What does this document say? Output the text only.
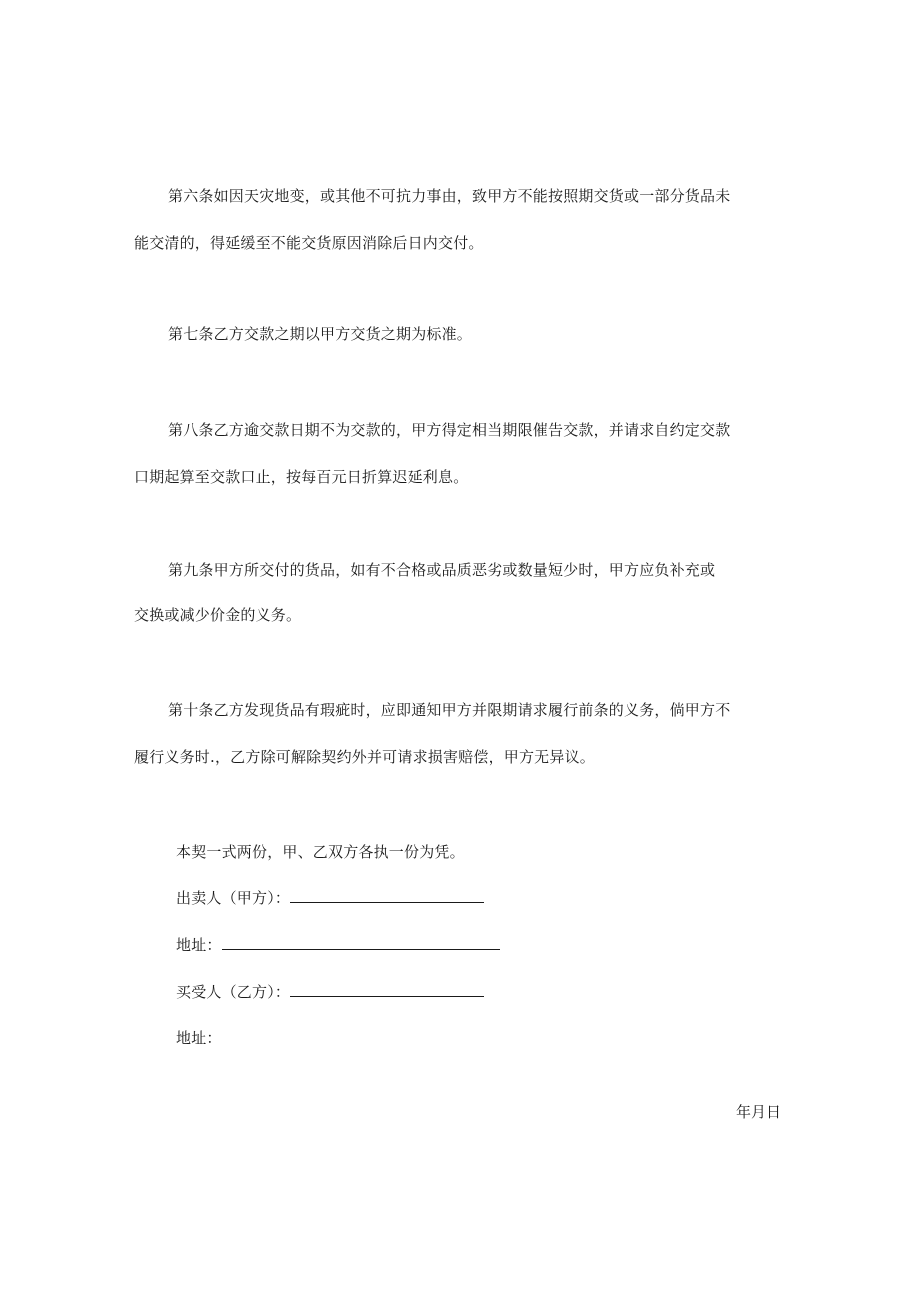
第六条如因天灾地变，或其他不可抗力事由，致甲方不能按照期交货或一部分货品未
能交清的，得延缓至不能交货原因消除后日内交付。
第七条乙方交款之期以甲方交货之期为标准。
第八条乙方逾交款日期不为交款的，甲方得定相当期限催告交款，并请求自约定交款
口期起算至交款口止，按每百元日折算迟延利息。
第九条甲方所交付的货品，如有不合格或品质恶劣或数量短少时，甲方应负补充或
交换或减少价金的义务。
第十条乙方发现货品有瑕疵时，应即通知甲方并限期请求履行前条的义务，倘甲方不
履行义务时.，乙方除可解除契约外并可请求损害赔偿，甲方无异议。
本契一式两份，甲、乙双方各执一份为凭。
出卖人（甲方）：
地址：
买受人（乙方）：
地址：
年月日
